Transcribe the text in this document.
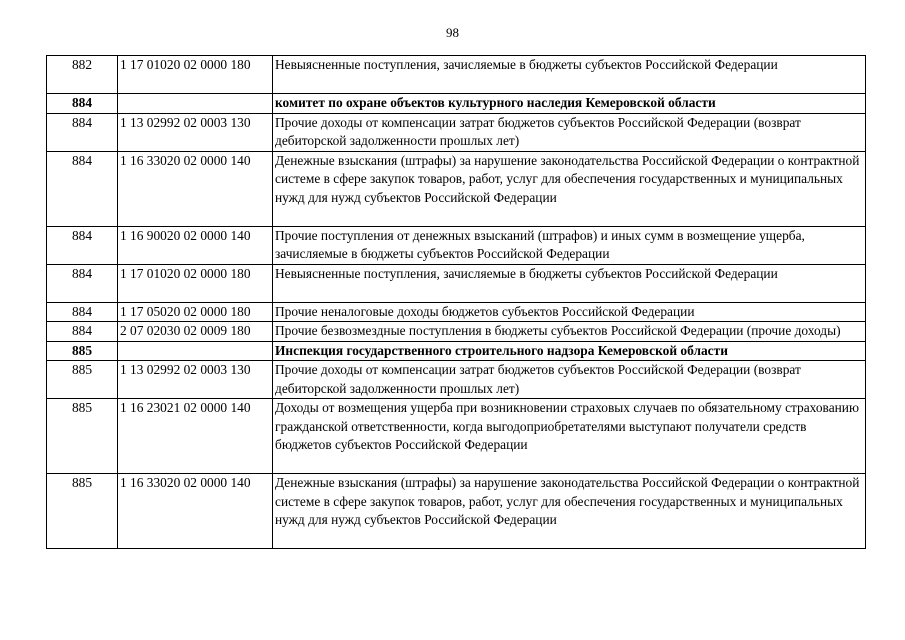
98
882	1 17 01020 02 0000 180	Невыясненные поступления, зачисляемые в бюджеты субъектов Российской Федерации

884		комитет по охране объектов культурного наследия Кемеровской области
884	1 13 02992 02 0003 130	Прочие доходы от компенсации затрат бюджетов субъектов Российской Федерации (возврат дебиторской задолженности прошлых лет)
884	1 16 33020 02 0000 140	Денежные взыскания (штрафы) за нарушение законодательства Российской Федерации о контрактной системе в сфере закупок товаров, работ, услуг для обеспечения государственных и муниципальных нужд для нужд субъектов Российской Федерации

884	1 16 90020 02 0000 140	Прочие поступления от денежных взысканий (штрафов) и иных сумм в возмещение ущерба, зачисляемые в бюджеты субъектов Российской Федерации
884	1 17 01020 02 0000 180	Невыясненные поступления, зачисляемые в бюджеты субъектов Российской Федерации

884	1 17 05020 02 0000 180	Прочие неналоговые доходы бюджетов субъектов Российской Федерации
884	2 07 02030 02 0009 180	Прочие безвозмездные поступления в бюджеты субъектов Российской Федерации (прочие доходы)
885		Инспекция государственного строительного надзора Кемеровской области
885	1 13 02992 02 0003 130	Прочие доходы от компенсации затрат бюджетов субъектов Российской Федерации (возврат дебиторской задолженности прошлых лет)
885	1 16 23021 02 0000 140	Доходы от возмещения ущерба при возникновении страховых случаев по обязательному страхованию гражданской ответственности, когда выгодоприобретателями выступают получатели средств бюджетов субъектов Российской Федерации

885	1 16 33020 02 0000 140	Денежные взыскания (штрафы) за нарушение законодательства Российской Федерации о контрактной системе в сфере закупок товаров, работ, услуг для обеспечения государственных и муниципальных нужд для нужд субъектов Российской Федерации
